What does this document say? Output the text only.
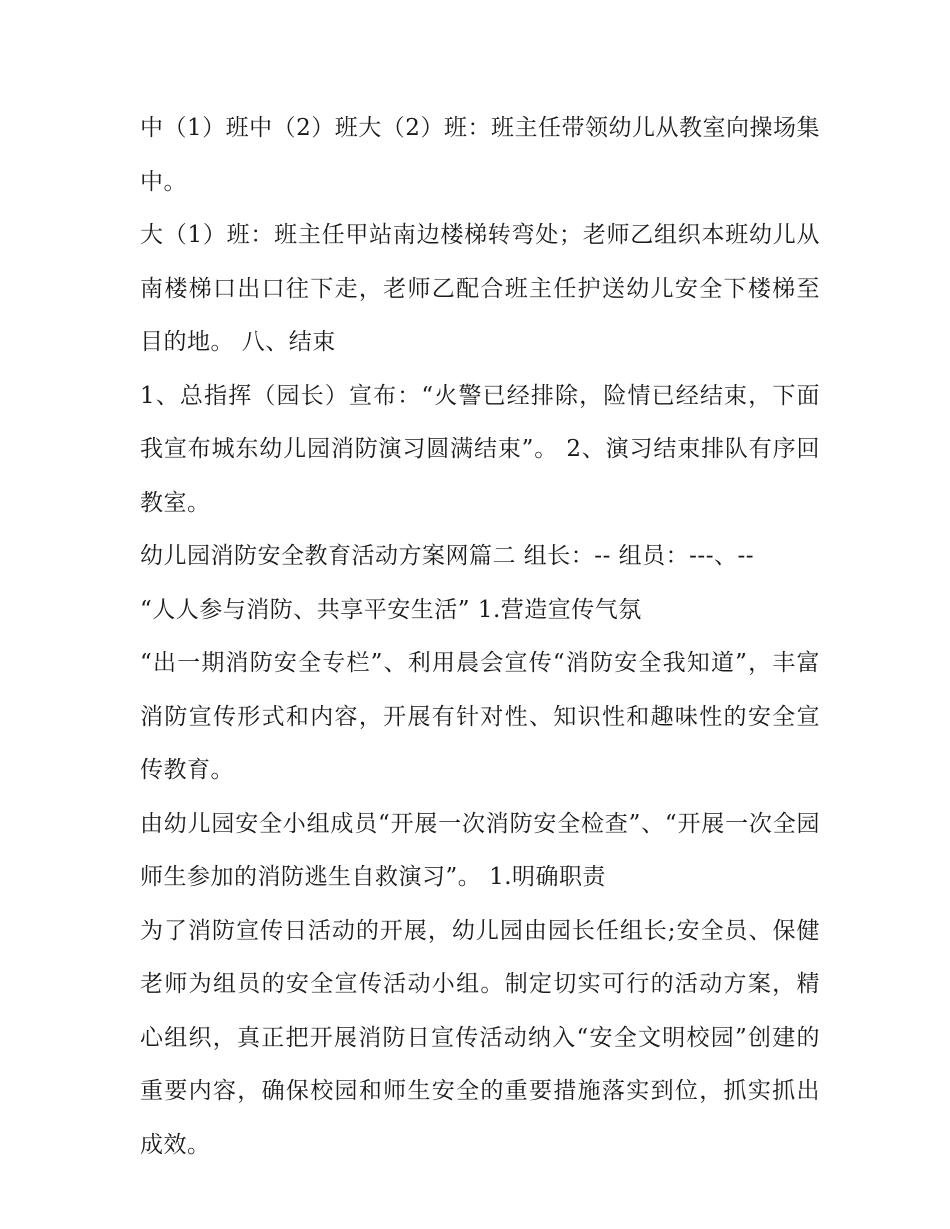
中（1）班中（2）班大（2）班：班主任带领幼儿从教室向操场集中。

大（1）班：班主任甲站南边楼梯转弯处；老师乙组织本班幼儿从南楼梯口出口往下走，老师乙配合班主任护送幼儿安全下楼梯至目的地。 八、结束

1、总指挥（园长）宣布：“火警已经排除，险情已经结束，下面我宣布城东幼儿园消防演习圆满结束”。 2、演习结束排队有序回教室。

幼儿园消防安全教育活动方案网篇二 组长：-- 组员：---、--

“人人参与消防、共享平安生活” 1.营造宣传气氛

“出一期消防安全专栏”、利用晨会宣传“消防安全我知道”，丰富消防宣传形式和内容，开展有针对性、知识性和趣味性的安全宣传教育。

由幼儿园安全小组成员“开展一次消防安全检查”、“开展一次全园师生参加的消防逃生自救演习”。 1.明确职责

为了消防宣传日活动的开展，幼儿园由园长任组长;安全员、保健老师为组员的安全宣传活动小组。制定切实可行的活动方案，精心组织，真正把开展消防日宣传活动纳入“安全文明校园”创建的重要内容，确保校园和师生安全的重要措施落实到位，抓实抓出成效。
